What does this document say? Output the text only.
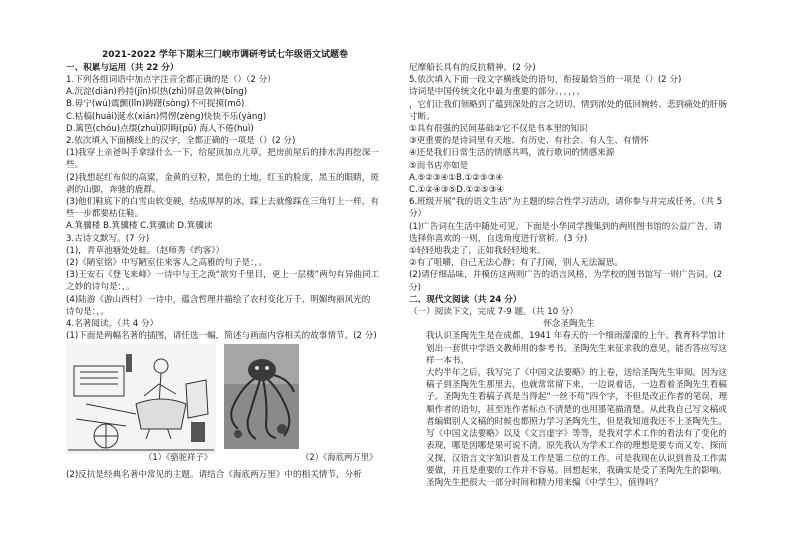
2021-2022 学年下期末三门峡市调研考试七年级语文试题卷
一、积累与运用（共 22 分）
1.下列各组词语中加点字注音全都正确的是（）（2 分）
A.沉淀(diàn)矜持(jīn)炽热(zhì)屏息敛神(bǐng)
B.毋宁(wú)震颤(lǐn)踌躇(sòng)不可捉摸(mō)
C.枯槁(huái)涎水(xián)愕愣(zèng)快快不乐(yàng)
D.篱笆(chóu)点缀(zhuì)阴晦(pū) 海人不倦(huì)
2.依次填入下面横线上的汉字，全都正确的一项是（）(2 分)
(1)我穿上亲爸叫手拿绿什么一下，给屋顶加点儿草，把房前屋后的排水沟再挖深一些。
(2)我想起红布似的高粱，金黄的豆粒，黑色的土地，红玉的脸庞，黑玉的眼睛，斑剥的山脚，奔驰的鹿群。
(3)他们鞋底下的白雪由软变硬，结成厚厚的冰，踩上去就像踩在三角钉上一样，有些一步都要枯住鞋。
A.箕骥楼 B.箕骥楼 C.箕骥读 D.箕骥读
3.古诗文默写。(7 分)
(1)，青草池塘处处蛙。（赵师秀《约客》）
(2)《陋室铭》中写陋室住来客人之高雅的句子是：，。
(3)王安石《登飞来峰》一诗中与王之涣“欲穷千里目，更上一层楼”两句有异曲同工之妙的诗句是：，。
(4)陆游《游山西村》一诗中，蕴含哲理并描绘了农村变化万千、明媚绚丽风光的
诗句是：，。
4.名著阅读。（共 4 分）
(1)下面是两幅名著的插图，请任选一幅，简述与画面内容相关的故事情节。(2 分)
（1）《骆驼祥子》	（2）《海底两万里》
(2)反抗是经典名著中常见的主题。请结合《海底两万里》中的相关情节，分析
尼摩船长具有的反抗精神。(2 分)
5.依次填入下面一段文字横线处的语句，衔接最恰当的一项是（）(2 分)
诗词是中国传统文化中最为重要的部分。，，，，。
，它们让我们领略到了蕴到深处的言之切切、情到浓处的低回婉转、悲到痛处的肝肠寸断。
①具有很强的民间基础②它不仅是书本里的知识
③更重要的是诗词里有天地、有历史、有社会、有人生、有情怀
④还是我们日常生活的情感共鸣，流行歌词的情感来源
⑤而书店亦如是
A.⑤②③④①B.①②⑤③④
C.①②④③⑤D.①②⑤③④
6.班级开展“我的语文生活”为主题的综合性学习活动，请你参与并完成任务。（共 5 分）
(1)广告词在生活中随处可见，下面是小华同学搜集到的两则图书馆的公益广告，请选择你喜欢的一则，自选角度进行赏析。(3 分)
①轻轻地我走了，正如我轻轻地来。
②有了咀嚼，自己无法心静；有了打闹，别人无法凝思。
(2)请仔细品味，并模仿这两则广告的语言风格，为学校的图书馆写一则广告词。(2 分)
二、现代文阅读（共 24 分）
（一）阅读下文，完成 7-9 题。（共 10 分）
怀念圣陶先生
我认识圣陶先生是在成都，1941 年春天的一个细雨濛濛的上午。教育科学馆计划出一套供中学语文教师用的参考书。圣陶先生来征求我的意见，能否答应写这样一本书。
大约半年之后，我写完了《中国文法要略》的上卷，送给圣陶先生审阅。因为这稿子到圣陶先生那里去，也就常常留下来，一边说着话，一边看着圣陶先生看稿子。圣陶先生看稿子真是当得起“一丝不苟”四个字，不但是改正作者的笔误，理顺作者的语句，甚至连作者标点不清楚的也用墨笔描清楚。从此我自己写文稿或者编辑别人文稿的时候也都照力学习圣陶先生，但是我知道我还不上圣陶先生。
写《中国文法要略》以及《文言虚字》等等，是我对学术工作的看法有了变化的表现，哪是因哪是果可说不清。原先我认为学术工作的理想是要专而又专、探而又探，汉语言文字知识普及工作是第二位的工作。可是我现在认识到普及工作需要做，并且是重要的工作并不容易。回想起来，我确实是受了圣陶先生的影响。圣陶先生把很大一部分时间和精力用来编《中学生》，值得吗？
